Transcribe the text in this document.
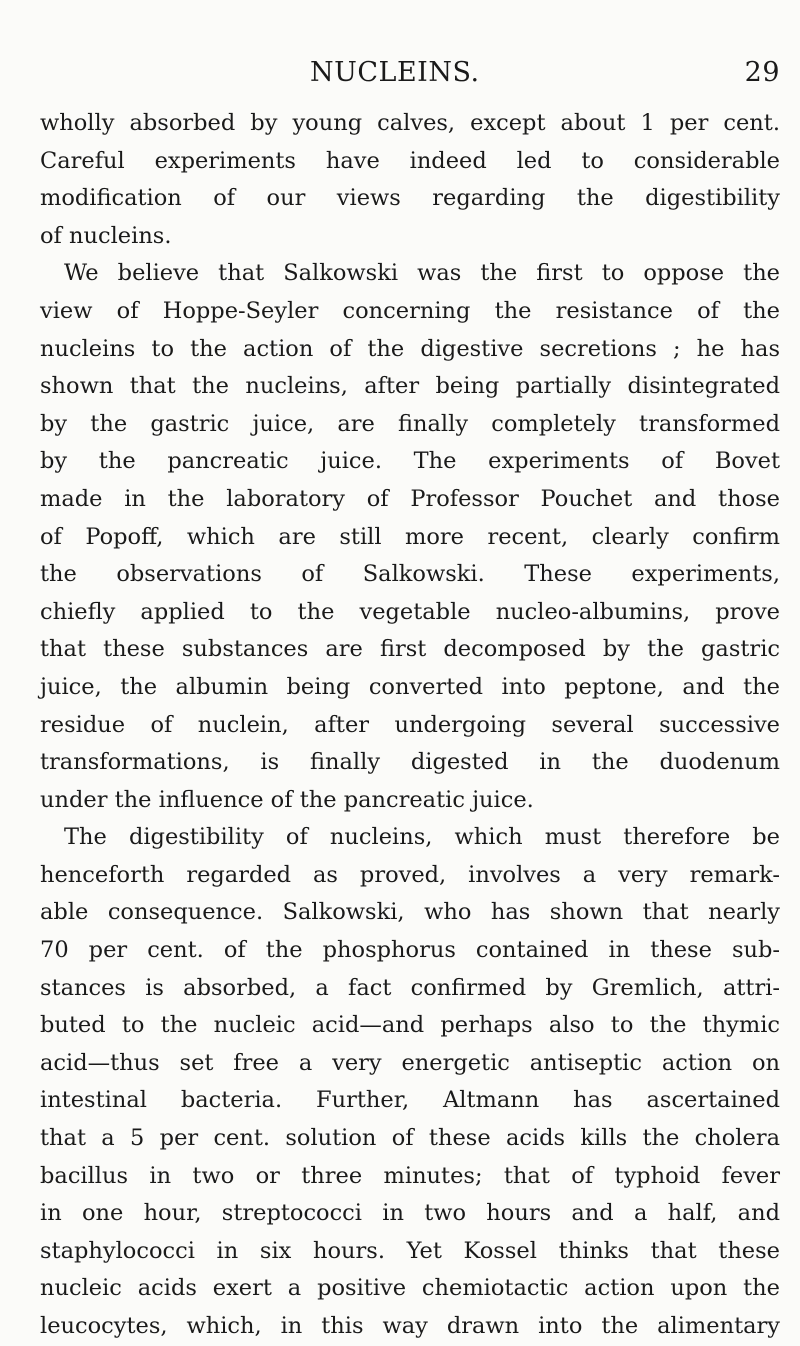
NUCLEINS.	29
wholly absorbed by young calves, except about 1 per cent.
Careful experiments have indeed led to considerable
modification of our views regarding the digestibility
of nucleins.
We believe that Salkowski was the first to oppose the
view of Hoppe-Seyler concerning the resistance of the
nucleins to the action of the digestive secretions ; he has
shown that the nucleins, after being partially disintegrated
by the gastric juice, are finally completely transformed
by the pancreatic juice. The experiments of Bovet
made in the laboratory of Professor Pouchet and those
of Popoff, which are still more recent, clearly confirm
the observations of Salkowski. These experiments,
chiefly applied to the vegetable nucleo-albumins, prove
that these substances are first decomposed by the gastric
juice, the albumin being converted into peptone, and the
residue of nuclein, after undergoing several successive
transformations, is finally digested in the duodenum
under the influence of the pancreatic juice.
The digestibility of nucleins, which must therefore be
henceforth regarded as proved, involves a very remark-
able consequence. Salkowski, who has shown that nearly
70 per cent. of the phosphorus contained in these sub-
stances is absorbed, a fact confirmed by Gremlich, attri-
buted to the nucleic acid—and perhaps also to the thymic
acid—thus set free a very energetic antiseptic action on
intestinal bacteria. Further, Altmann has ascertained
that a 5 per cent. solution of these acids kills the cholera
bacillus in two or three minutes; that of typhoid fever
in one hour, streptococci in two hours and a half, and
staphylococci in six hours. Yet Kossel thinks that these
nucleic acids exert a positive chemiotactic action upon the
leucocytes, which, in this way drawn into the alimentary
